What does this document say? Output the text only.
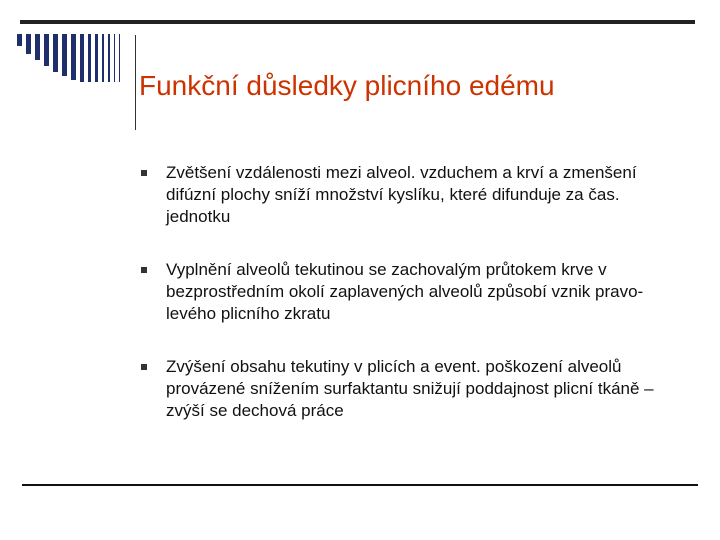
Funkční důsledky plicního edému
Zvětšení vzdálenosti mezi alveol. vzduchem a krví a zmenšení difúzní plochy sníží množství kyslíku, které difunduje za čas. jednotku
Vyplnění alveolů tekutinou se zachovalým průtokem krve v bezprostředním okolí zaplavených alveolů způsobí vznik pravo-levého plicního zkratu
Zvýšení obsahu tekutiny v plicích a event. poškození alveolů provázené snížením surfaktantu snižují poddajnost plicní tkáně – zvýší se dechová práce
